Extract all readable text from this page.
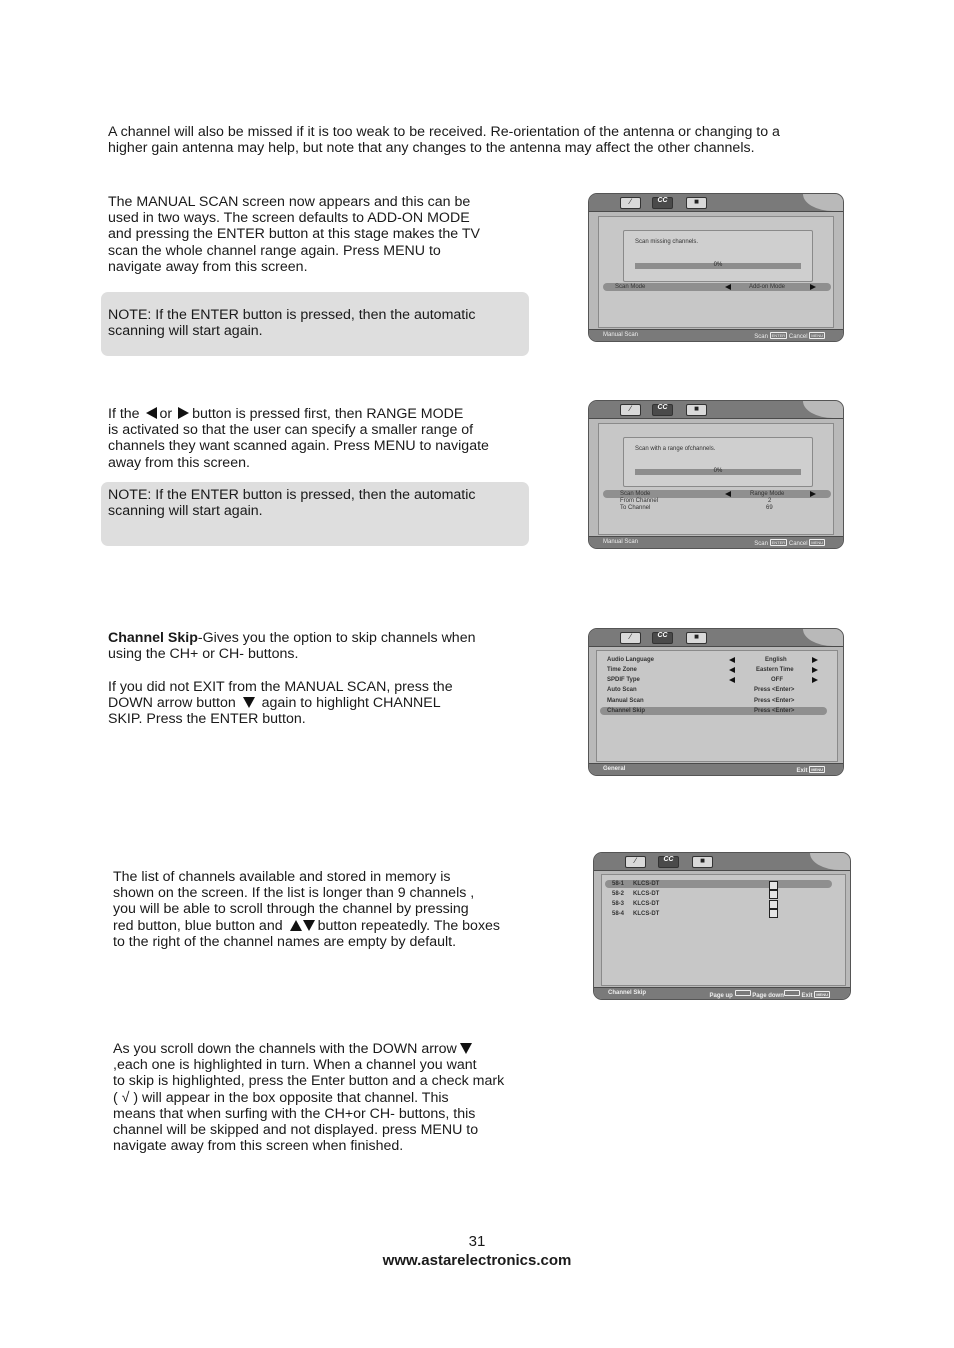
A channel will also be missed if it is too weak to be received. Re-orientation of the antenna or changing to a

higher gain antenna may help, but note that any changes to the antenna may affect the other channels.

The MANUAL SCAN screen now appears and this can be

used in two ways. The screen defaults to ADD-ON MODE

and pressing the ENTER button at this stage makes the TV

scan the whole channel range again. Press MENU to

navigate away from this screen.

NOTE: If the ENTER button is pressed, then the automatic
scanning will start again.

∕	CC	■
Scan missing channels.
0%
Scan Mode	Add-on Mode
Manual Scan	Scan ENTER Cancel MENU

If the or button is pressed first, then RANGE MODE

is activated so that the user can specify a smaller range of

channels they want scanned again. Press MENU to navigate

away from this screen.

NOTE: If the ENTER button is pressed, then the automatic
scanning will start again.

∕	CC	■
Scan with a range ofchannels.
0%
Scan Mode	Range Mode
From Channel	2
To Channel	69
Manual Scan	Scan ENTER Cancel MENU

Channel Skip-Gives you the option to skip channels when

using the CH+ or CH- buttons.

If you did not EXIT from the MANUAL SCAN, press the

DOWN arrow button again to highlight CHANNEL

SKIP. Press the ENTER button.

∕	CC	■
Audio Language	English
Time Zone	Eastern Time
SPDIF Type	OFF
Auto Scan	Press <Enter>
Manual Scan	Press <Enter>
Channel Skip	Press <Enter>
General	Exit MENU

The list of channels available and stored in memory is

shown on the screen. If the list is longer than 9 channels ,

you will be able to scroll through the channel by pressing

red button, blue button and button repeatedly. The boxes

to the right of the channel names are empty by default.

∕	CC	■
58-1 KLCS-DT
58-2 KLCS-DT
58-3 KLCS-DT
58-4 KLCS-DT
Channel Skip	Page up	Page down	Exit MENU

As you scroll down the channels with the DOWN arrow

,each one is highlighted in turn. When a channel you want

to skip is highlighted, press the Enter button and a check mark

( √ ) will appear in the box opposite that channel. This

means that when surfing with the CH+or CH- buttons, this

channel will be skipped and not displayed. press MENU to

navigate away from this screen when finished.

31
www.astarelectronics.com
